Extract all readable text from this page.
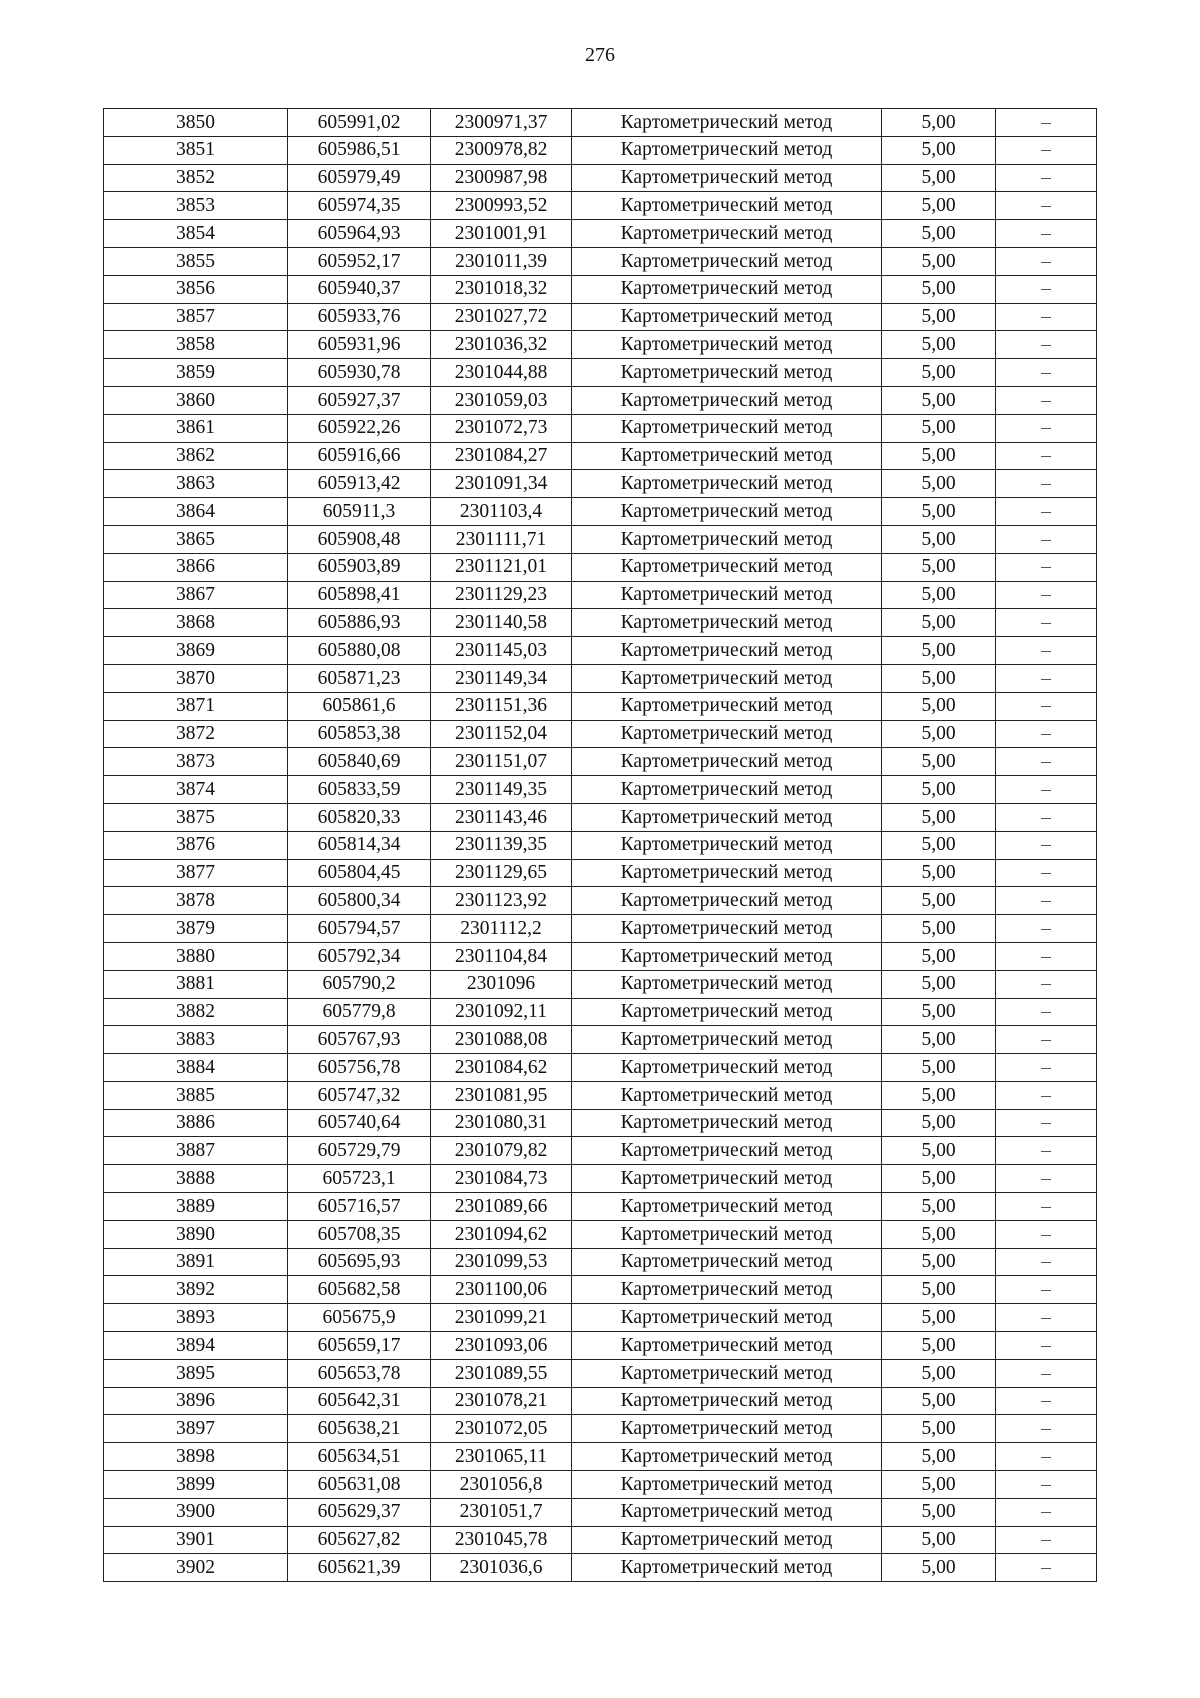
276
3850	605991,02	2300971,37	Картометрический метод	5,00	–
3851	605986,51	2300978,82	Картометрический метод	5,00	–
3852	605979,49	2300987,98	Картометрический метод	5,00	–
3853	605974,35	2300993,52	Картометрический метод	5,00	–
3854	605964,93	2301001,91	Картометрический метод	5,00	–
3855	605952,17	2301011,39	Картометрический метод	5,00	–
3856	605940,37	2301018,32	Картометрический метод	5,00	–
3857	605933,76	2301027,72	Картометрический метод	5,00	–
3858	605931,96	2301036,32	Картометрический метод	5,00	–
3859	605930,78	2301044,88	Картометрический метод	5,00	–
3860	605927,37	2301059,03	Картометрический метод	5,00	–
3861	605922,26	2301072,73	Картометрический метод	5,00	–
3862	605916,66	2301084,27	Картометрический метод	5,00	–
3863	605913,42	2301091,34	Картометрический метод	5,00	–
3864	605911,3	2301103,4	Картометрический метод	5,00	–
3865	605908,48	2301111,71	Картометрический метод	5,00	–
3866	605903,89	2301121,01	Картометрический метод	5,00	–
3867	605898,41	2301129,23	Картометрический метод	5,00	–
3868	605886,93	2301140,58	Картометрический метод	5,00	–
3869	605880,08	2301145,03	Картометрический метод	5,00	–
3870	605871,23	2301149,34	Картометрический метод	5,00	–
3871	605861,6	2301151,36	Картометрический метод	5,00	–
3872	605853,38	2301152,04	Картометрический метод	5,00	–
3873	605840,69	2301151,07	Картометрический метод	5,00	–
3874	605833,59	2301149,35	Картометрический метод	5,00	–
3875	605820,33	2301143,46	Картометрический метод	5,00	–
3876	605814,34	2301139,35	Картометрический метод	5,00	–
3877	605804,45	2301129,65	Картометрический метод	5,00	–
3878	605800,34	2301123,92	Картометрический метод	5,00	–
3879	605794,57	2301112,2	Картометрический метод	5,00	–
3880	605792,34	2301104,84	Картометрический метод	5,00	–
3881	605790,2	2301096	Картометрический метод	5,00	–
3882	605779,8	2301092,11	Картометрический метод	5,00	–
3883	605767,93	2301088,08	Картометрический метод	5,00	–
3884	605756,78	2301084,62	Картометрический метод	5,00	–
3885	605747,32	2301081,95	Картометрический метод	5,00	–
3886	605740,64	2301080,31	Картометрический метод	5,00	–
3887	605729,79	2301079,82	Картометрический метод	5,00	–
3888	605723,1	2301084,73	Картометрический метод	5,00	–
3889	605716,57	2301089,66	Картометрический метод	5,00	–
3890	605708,35	2301094,62	Картометрический метод	5,00	–
3891	605695,93	2301099,53	Картометрический метод	5,00	–
3892	605682,58	2301100,06	Картометрический метод	5,00	–
3893	605675,9	2301099,21	Картометрический метод	5,00	–
3894	605659,17	2301093,06	Картометрический метод	5,00	–
3895	605653,78	2301089,55	Картометрический метод	5,00	–
3896	605642,31	2301078,21	Картометрический метод	5,00	–
3897	605638,21	2301072,05	Картометрический метод	5,00	–
3898	605634,51	2301065,11	Картометрический метод	5,00	–
3899	605631,08	2301056,8	Картометрический метод	5,00	–
3900	605629,37	2301051,7	Картометрический метод	5,00	–
3901	605627,82	2301045,78	Картометрический метод	5,00	–
3902	605621,39	2301036,6	Картометрический метод	5,00	–
